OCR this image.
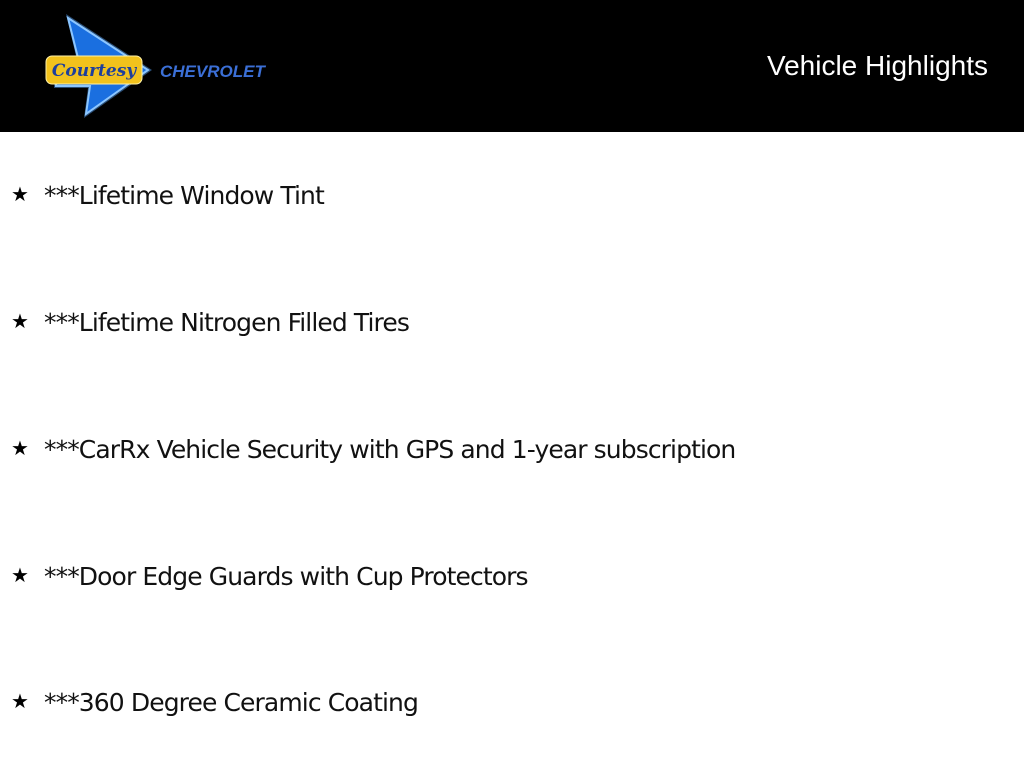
Courtesy CHEVROLET	Vehicle Highlights
★ ***Lifetime Window Tint
★ ***Lifetime Nitrogen Filled Tires
★ ***CarRx Vehicle Security with GPS and 1-year subscription
★ ***Door Edge Guards with Cup Protectors
★ ***360 Degree Ceramic Coating
